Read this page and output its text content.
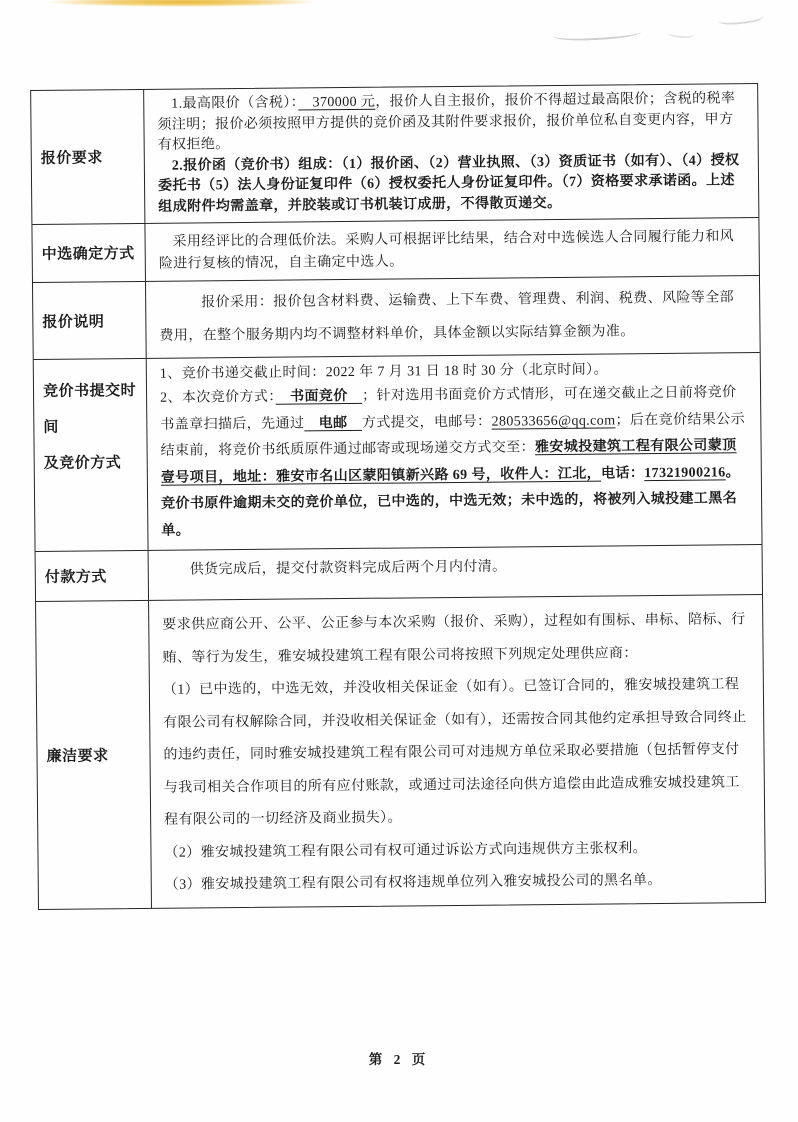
报价要求

1.最高限价（含税）：　370000 元，报价人自主报价，报价不得超过最高限价；含税的税率须注明；报价必须按照甲方提供的竞价函及其附件要求报价，报价单位私自变更内容，甲方有权拒绝。

2.报价函（竞价书）组成：（1）报价函、（2）营业执照、（3）资质证书（如有）、（4）授权委托书（5）法人身份证复印件（6）授权委托人身份证复印件。（7）资格要求承诺函。上述组成附件均需盖章，并胶装或订书机装订成册，不得散页递交。

中选确定方式

采用经评比的合理低价法。采购人可根据评比结果，结合对中选候选人合同履行能力和风险进行复核的情况，自主确定中选人。

报价说明

报价采用：报价包含材料费、运输费、上下车费、管理费、利润、税费、风险等全部费用，在整个服务期内均不调整材料单价，具体金额以实际结算金额为准。

竞价书提交时间
及竞价方式

1、竞价书递交截止时间：2022 年 7 月 31 日 18 时 30 分（北京时间）。

2、本次竞价方式：　书面竞价　；针对选用书面竞价方式情形，可在递交截止之日前将竞价书盖章扫描后，先通过　电邮　方式提交，电邮号：280533656@qq.com；后在竞价结果公示结束前，将竞价书纸质原件通过邮寄或现场递交方式交至：雅安城投建筑工程有限公司蒙顶壹号项目，地址：雅安市名山区蒙阳镇新兴路 69 号，收件人：江北，电话：17321900216。竞价书原件逾期未交的竞价单位，已中选的，中选无效；未中选的，将被列入城投建工黑名单。

付款方式

供货完成后，提交付款资料完成后两个月内付清。

廉洁要求

要求供应商公开、公平、公正参与本次采购（报价、采购），过程如有围标、串标、陪标、行贿、等行为发生，雅安城投建筑工程有限公司将按照下列规定处理供应商：

（1）已中选的，中选无效，并没收相关保证金（如有）。已签订合同的，雅安城投建筑工程有限公司有权解除合同，并没收相关保证金（如有），还需按合同其他约定承担导致合同终止的违约责任，同时雅安城投建筑工程有限公司可对违规方单位采取必要措施（包括暂停支付与我司相关合作项目的所有应付账款，或通过司法途径向供方追偿由此造成雅安城投建筑工程有限公司的一切经济及商业损失）。

（2）雅安城投建筑工程有限公司有权可通过诉讼方式向违规供方主张权利。

（3）雅安城投建筑工程有限公司有权将违规单位列入雅安城投公司的黑名单。

第 2 页
